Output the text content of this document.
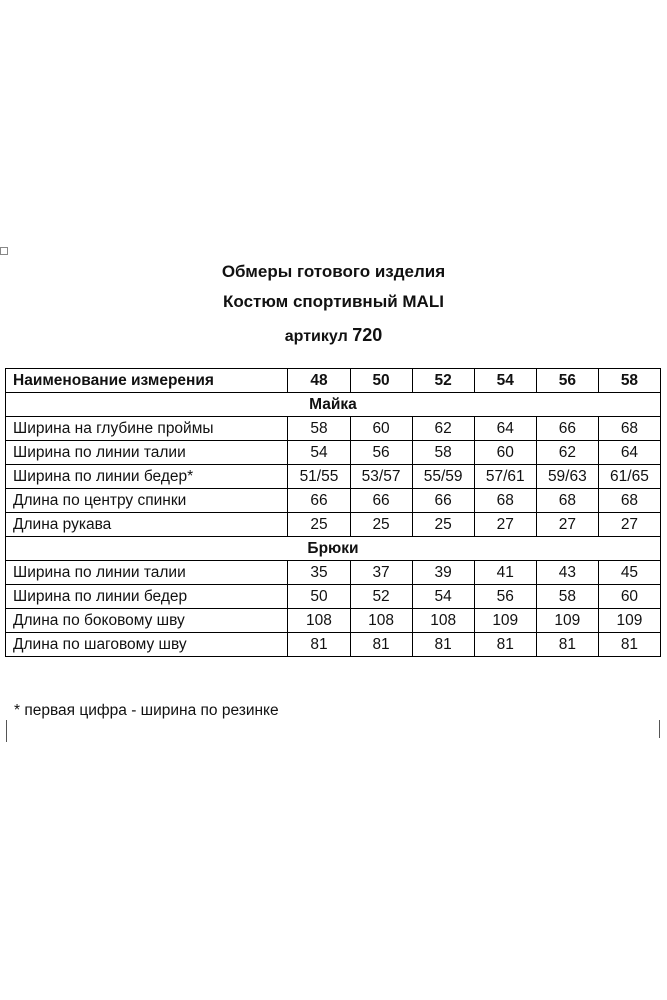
Обмеры готового изделия
Костюм спортивный MALI
артикул 720
Наименование измерения	48	50	52	54	56	58
Майка						
Ширина на глубине проймы	58	60	62	64	66	68
Ширина по линии талии	54	56	58	60	62	64
Ширина по линии бедер*	51/55	53/57	55/59	57/61	59/63	61/65
Длина по центру спинки	66	66	66	68	68	68
Длина рукава	25	25	25	27	27	27
Брюки						
Ширина по линии талии	35	37	39	41	43	45
Ширина по линии бедер	50	52	54	56	58	60
Длина по боковому шву	108	108	108	109	109	109
Длина по шаговому шву	81	81	81	81	81	81
* первая цифра - ширина по резинке
